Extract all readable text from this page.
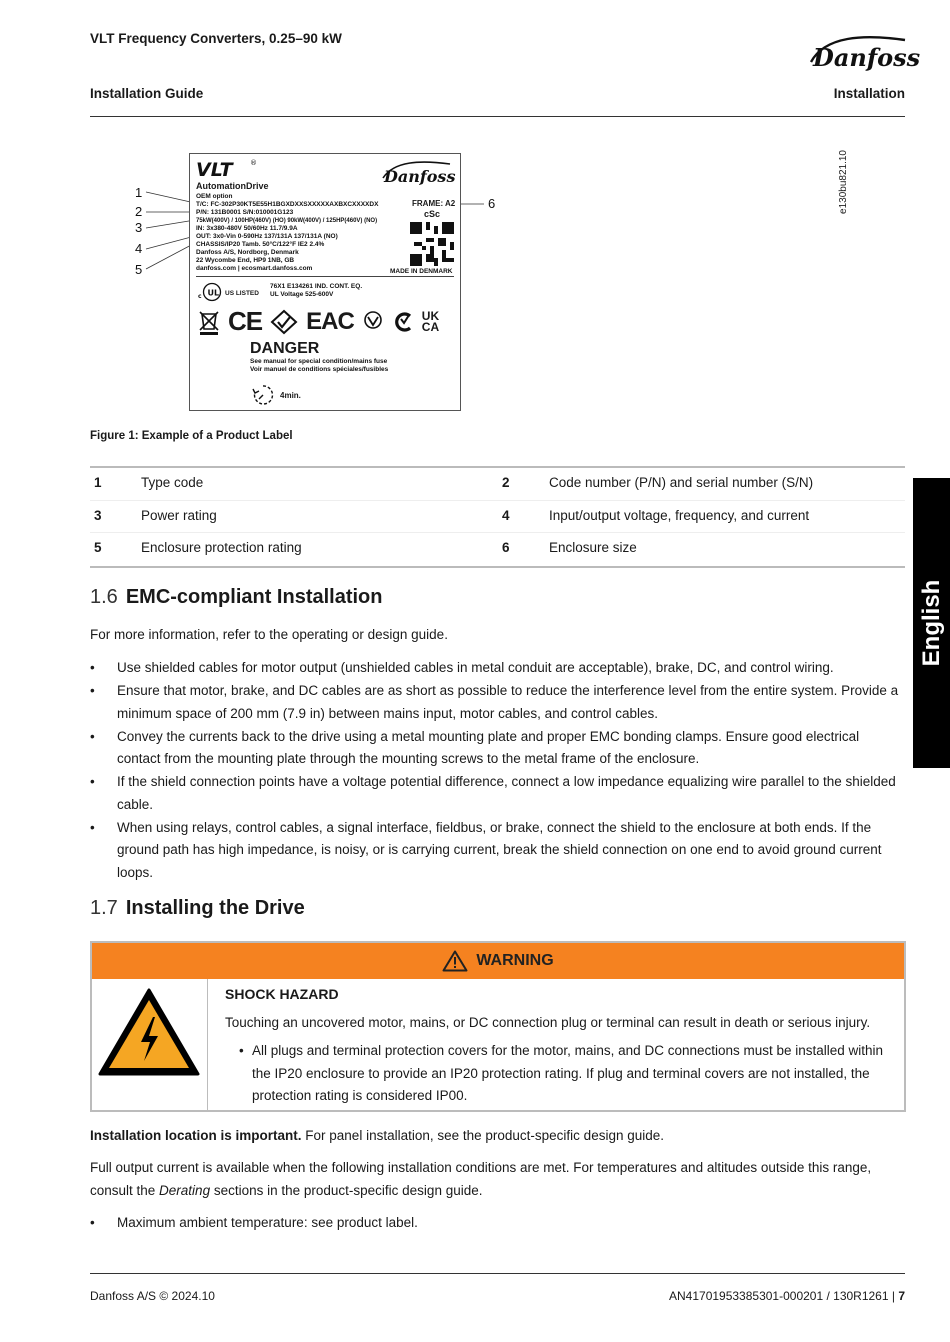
VLT Frequency Converters, 0.25–90 kW
Installation Guide	Installation
Danfoss
English
e130bu821.10
1
2
3
4
5
6
VLT ®
Danfoss
AutomationDrive
OEM option
T/C: FC-302P30KT5E55H1BGXDXXSXXXXXAXBXCXXXXDX
P/N: 131B0001 S/N:010001G123
75kW(400V) / 100HP(460V) (HO) 90kW(400V) / 125HP(460V) (NO)
IN: 3x380-480V 50/60Hz 11.7/9.9A
OUT: 3x0-Vin 0-590Hz 137/131A 137/131A (NO)
CHASSIS/IP20 Tamb. 50°C/122°F IE2 2.4%
Danfoss A/S, Nordborg, Denmark
22 Wycombe End, HP9 1NB, GB
danfoss.com | ecosmart.danfoss.com
FRAME: A2
cSc
MADE IN DENMARK
UL
c	US LISTED
76X1 E134261 IND. CONT. EQ.
UL Voltage 525-600V
CE EAC	UK CA
DANGER
See manual for special condition/mains fuse
Voir manuel de conditions spéciales/fusibles
4min.
Figure 1: Example of a Product Label
1	Type code	2	Code number (P/N) and serial number (S/N)
3	Power rating	4	Input/output voltage, frequency, and current
5	Enclosure protection rating	6	Enclosure size
1.6 EMC-compliant Installation
For more information, refer to the operating or design guide.
• Use shielded cables for motor output (unshielded cables in metal conduit are acceptable), brake, DC, and control wiring.
• Ensure that motor, brake, and DC cables are as short as possible to reduce the interference level from the entire system. Provide a minimum space of 200 mm (7.9 in) between mains input, motor cables, and control cables.
• Convey the currents back to the drive using a metal mounting plate and proper EMC bonding clamps. Ensure good electrical contact from the mounting plate through the mounting screws to the metal frame of the enclosure.
• If the shield connection points have a voltage potential difference, connect a low impedance equalizing wire parallel to the shielded cable.
• When using relays, control cables, a signal interface, fieldbus, or brake, connect the shield to the enclosure at both ends. If the ground path has high impedance, is noisy, or is carrying current, break the shield connection on one end to avoid ground current loops.
1.7 Installing the Drive
WARNING
SHOCK HAZARD
Touching an uncovered motor, mains, or DC connection plug or terminal can result in death or serious injury.
• All plugs and terminal protection covers for the motor, mains, and DC connections must be installed within the IP20 enclosure to provide an IP20 protection rating. If plug and terminal covers are not installed, the protection rating is considered IP00.
Installation location is important. For panel installation, see the product-specific design guide.
Full output current is available when the following installation conditions are met. For temperatures and altitudes outside this range, consult the Derating sections in the product-specific design guide.
• Maximum ambient temperature: see product label.
Danfoss A/S © 2024.10	AN41701953385301-000201 / 130R1261 | 7
